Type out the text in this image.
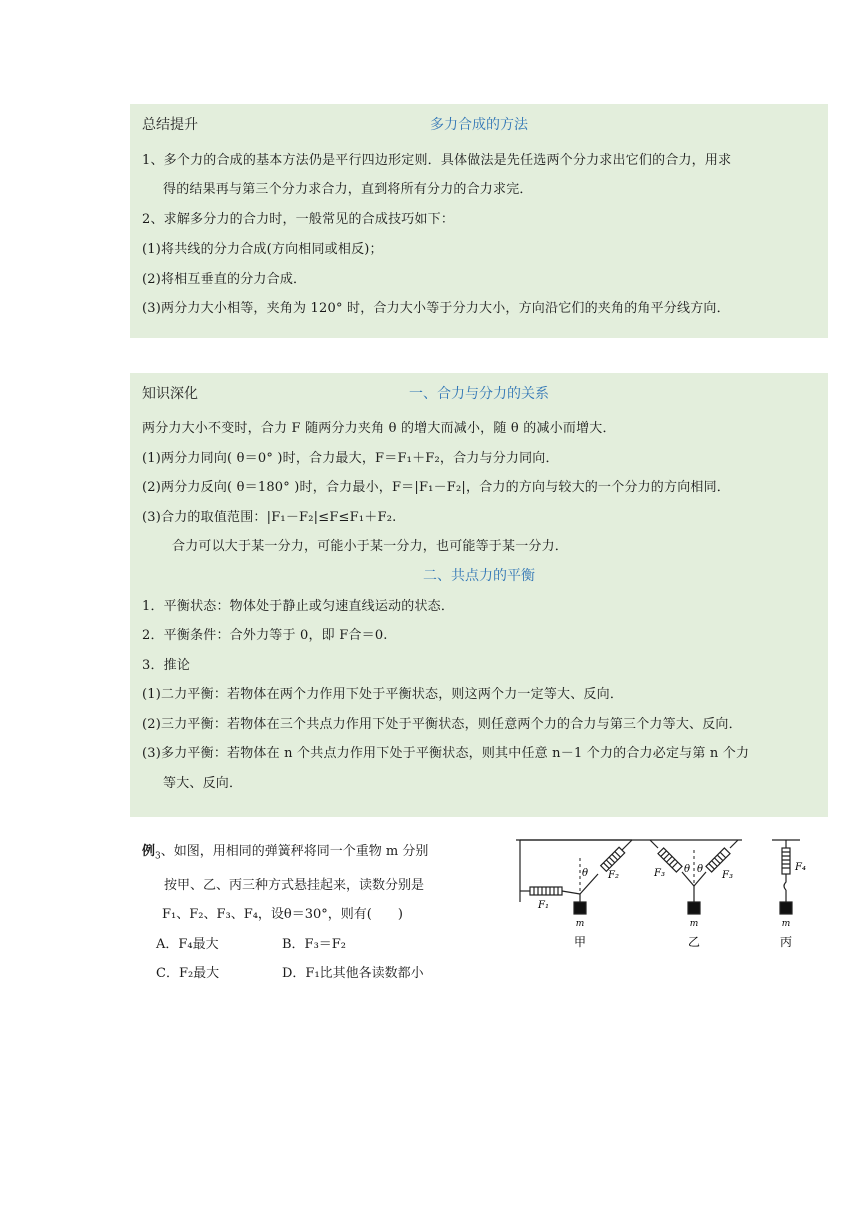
总结提升	多力合成的方法
1、多个力的合成的基本方法仍是平行四边形定则．具体做法是先任选两个分力求出它们的合力，用求
得的结果再与第三个分力求合力，直到将所有分力的合力求完．
2、求解多分力的合力时，一般常见的合成技巧如下：
(1)将共线的分力合成(方向相同或相反)；
(2)将相互垂直的分力合成．
(3)两分力大小相等，夹角为 120° 时，合力大小等于分力大小，方向沿它们的夹角的角平分线方向．
知识深化	一、合力与分力的关系
两分力大小不变时，合力 F 随两分力夹角 θ 的增大而减小，随 θ 的减小而增大．
(1)两分力同向( θ＝0° )时，合力最大，F＝F₁＋F₂，合力与分力同向．
(2)两分力反向( θ＝180° )时，合力最小，F＝|F₁－F₂|，合力的方向与较大的一个分力的方向相同．
(3)合力的取值范围：|F₁－F₂|≤F≤F₁＋F₂.
合力可以大于某一分力，可能小于某一分力，也可能等于某一分力．
二、共点力的平衡
1．平衡状态：物体处于静止或匀速直线运动的状态．
2．平衡条件：合外力等于 0，即 F合＝0.
3．推论
(1)二力平衡：若物体在两个力作用下处于平衡状态，则这两个力一定等大、反向．
(2)三力平衡：若物体在三个共点力作用下处于平衡状态，则任意两个力的合力与第三个力等大、反向．
(3)多力平衡：若物体在 n 个共点力作用下处于平衡状态，则其中任意 n－1 个力的合力必定与第 n 个力
等大、反向．
例$_3$、如图，用相同的弹簧秤将同一个重物 m 分别
按甲、乙、丙三种方式悬挂起来，读数分别是
F₁、F₂、F₃、F₄，设θ＝30°，则有(　　)
A．F₄最大	B．F₃＝F₂
C．F₂最大	D．F₁比其他各读数都小
m
甲
θ F₂
F₁
m
乙
θ θ
F₃	F₃
F₄
m
丙
